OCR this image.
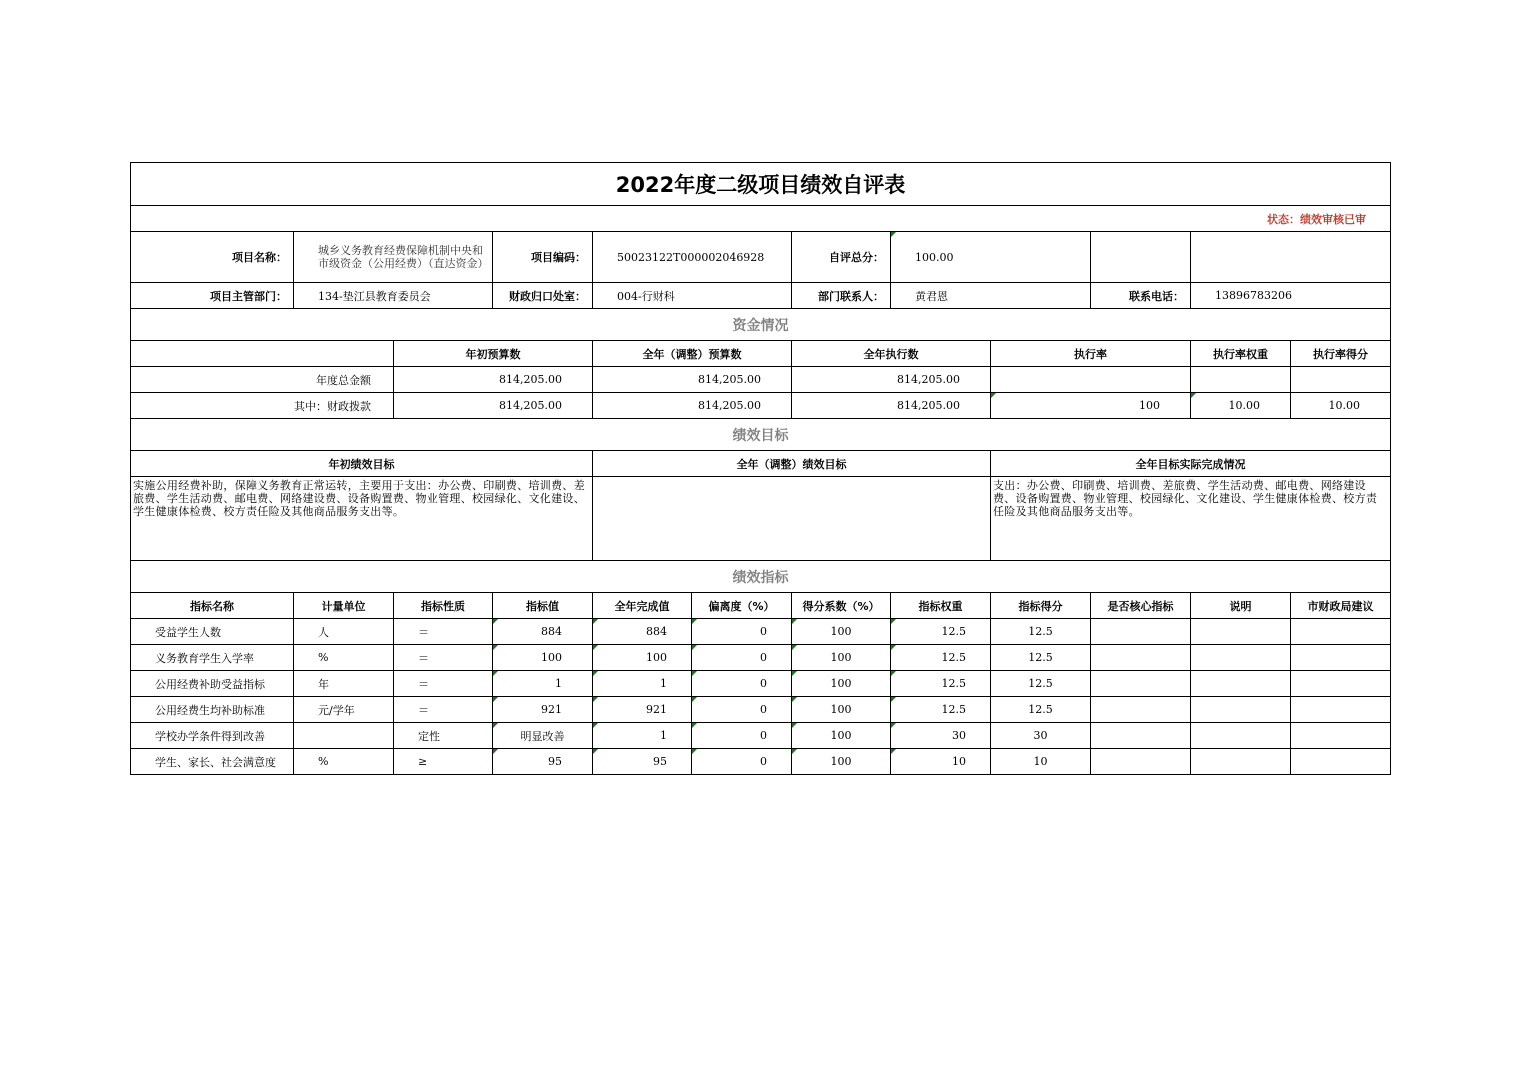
2022年度二级项目绩效自评表											
状态：绩效审核已审											
项目名称：	城乡义务教育经费保障机制中央和市级资金（公用经费）（直达资金）		项目编码：	50023122T000002046928		自评总分：	100.00				
项目主管部门：	134-垫江县教育委员会		财政归口处室：	004-行财科		部门联系人：	黄君恩		联系电话：	13896783206	
资金情况											
		年初预算数		全年（调整）预算数		全年执行数		执行率		执行率权重	执行率得分
年度总金额		814,205.00		814,205.00		814,205.00					
其中：财政拨款		814,205.00		814,205.00		814,205.00		100		10.00	10.00
绩效目标											
年初绩效目标				全年（调整）绩效目标				全年目标实际完成情况			
实施公用经费补助，保障义务教育正常运转，主要用于支出：办公费、印刷费、培训费、差旅费、学生活动费、邮电费、网络建设费、设备购置费、物业管理、校园绿化、文化建设、学生健康体检费、校方责任险及其他商品服务支出等。								支出：办公费、印刷费、培训费、差旅费、学生活动费、邮电费、网络建设费、设备购置费、物业管理、校园绿化、文化建设、学生健康体检费、校方责任险及其他商品服务支出等。			
绩效指标											
指标名称	计量单位	指标性质	指标值	全年完成值	偏离度（%）	得分系数（%）	指标权重	指标得分	是否核心指标	说明	市财政局建议
受益学生人数	人	＝	884	884	0	100	12.5	12.5			
义务教育学生入学率	%	＝	100	100	0	100	12.5	12.5			
公用经费补助受益指标	年	＝	1	1	0	100	12.5	12.5			
公用经费生均补助标准	元/学年	＝	921	921	0	100	12.5	12.5			
学校办学条件得到改善		定性	明显改善	1	0	100	30	30			
学生、家长、社会满意度	%	≥	95	95	0	100	10	10			
